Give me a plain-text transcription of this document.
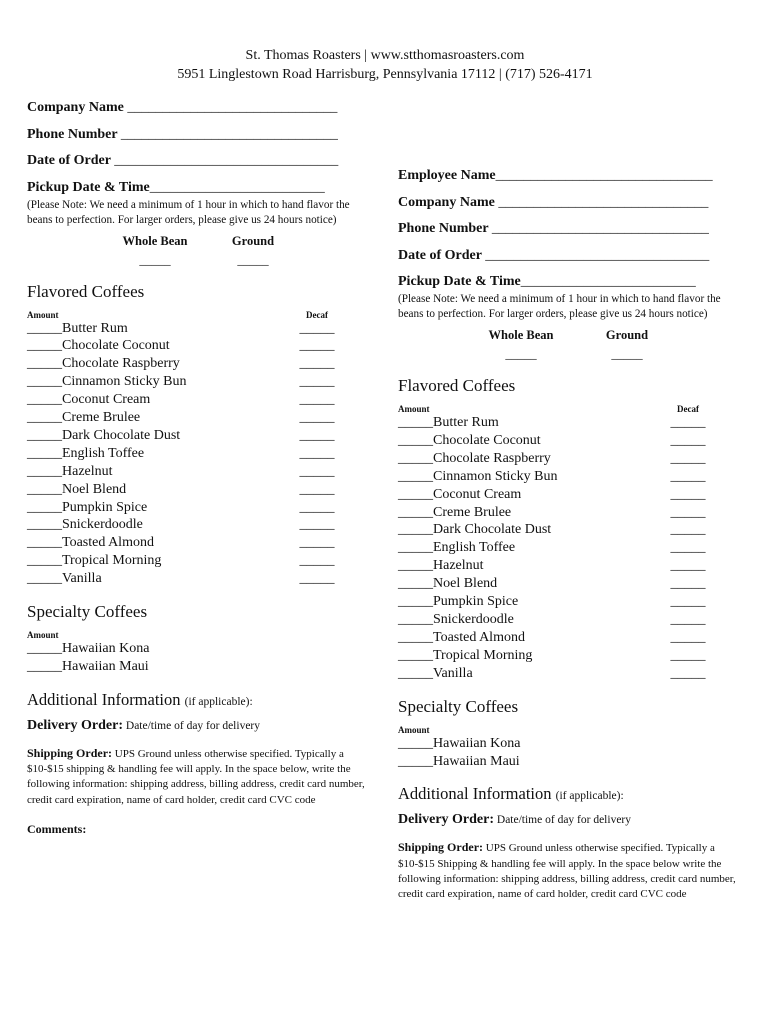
St. Thomas Roasters | www.stthomasroasters.com
5951 Linglestown Road Harrisburg, Pennsylvania 17112 | (717) 526-4171
Company Name ______________________________
Phone Number _______________________________
Date of Order ________________________________
Pickup Date & Time_________________________
(Please Note: We need a minimum of 1 hour in which to hand flavor the beans to perfection. For larger orders, please give us 24 hours notice)
Whole Bean
_____
Ground
_____
Flavored Coffees
Amount	Decaf
_____Butter Rum	_____
_____Chocolate Coconut	_____
_____Chocolate Raspberry	_____
_____Cinnamon Sticky Bun	_____
_____Coconut Cream	_____
_____Creme Brulee	_____
_____Dark Chocolate Dust	_____
_____English Toffee	_____
_____Hazelnut	_____
_____Noel Blend	_____
_____Pumpkin Spice	_____
_____Snickerdoodle	_____
_____Toasted Almond	_____
_____Tropical Morning	_____
_____Vanilla	_____
Specialty Coffees
Amount
_____Hawaiian Kona
_____Hawaiian Maui
Additional Information (if applicable):
Delivery Order: Date/time of day for delivery
Shipping Order: UPS Ground unless otherwise specified. Typically a $10-$15 shipping & handling fee will apply. In the space below, write the following information: shipping address, billing address, credit card number, credit card expiration, name of card holder, credit card CVC code
Comments:
Employee Name_______________________________
Company Name ______________________________
Phone Number _______________________________
Date of Order ________________________________
Pickup Date & Time_________________________
(Please Note: We need a minimum of 1 hour in which to hand flavor the beans to perfection. For larger orders, please give us 24 hours notice)
Whole Bean
_____
Ground
_____
Flavored Coffees
Amount	Decaf
_____Butter Rum	_____
_____Chocolate Coconut	_____
_____Chocolate Raspberry	_____
_____Cinnamon Sticky Bun	_____
_____Coconut Cream	_____
_____Creme Brulee	_____
_____Dark Chocolate Dust	_____
_____English Toffee	_____
_____Hazelnut	_____
_____Noel Blend	_____
_____Pumpkin Spice	_____
_____Snickerdoodle	_____
_____Toasted Almond	_____
_____Tropical Morning	_____
_____Vanilla	_____
Specialty Coffees
Amount
_____Hawaiian Kona
_____Hawaiian Maui
Additional Information (if applicable):
Delivery Order: Date/time of day for delivery
Shipping Order: UPS Ground unless otherwise specified. Typically a $10-$15 Shipping & handling fee will apply. In the space below write the following information: shipping address, billing address, credit card number, credit card expiration, name of card holder, credit card CVC code
